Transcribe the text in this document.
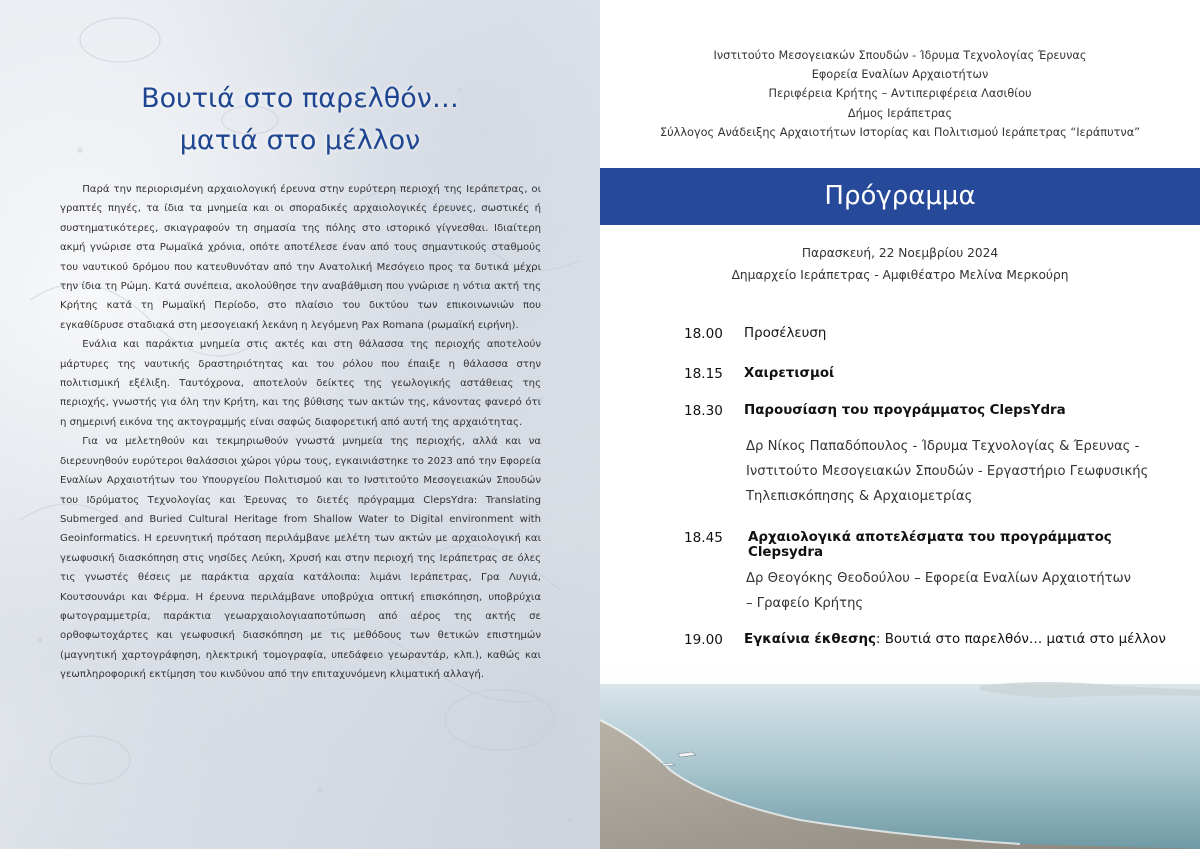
Βουτιά στο παρελθόν…
ματιά στο μέλλον

Παρά την περιορισμένη αρχαιολογική έρευνα στην ευρύτερη περιοχή της Ιεράπετρας, οι γραπτές πηγές, τα ίδια τα μνημεία και οι σποραδικές αρχαιολογικές έρευνες, σωστικές ή συστηματικότερες, σκιαγραφούν τη σημασία της πόλης στο ιστορικό γίγνεσθαι. Ιδιαίτερη ακμή γνώρισε στα Ρωμαϊκά χρόνια, οπότε αποτέλεσε έναν από τους σημαντικούς σταθμούς του ναυτικού δρόμου που κατευθυνόταν από την Ανατολική Μεσόγειο προς τα δυτικά μέχρι την ίδια τη Ρώμη. Κατά συνέπεια, ακολούθησε την αναβάθμιση που γνώρισε η νότια ακτή της Κρήτης κατά τη Ρωμαϊκή Περίοδο, στο πλαίσιο του δικτύου των επικοινωνιών που εγκαθίδρυσε σταδιακά στη μεσογειακή λεκάνη η λεγόμενη Pax Romana (ρωμαϊκή ειρήνη).

Ενάλια και παράκτια μνημεία στις ακτές και στη θάλασσα της περιοχής αποτελούν μάρτυρες της ναυτικής δραστηριότητας και του ρόλου που έπαιξε η θάλασσα στην πολιτισμική εξέλιξη. Ταυτόχρονα, αποτελούν δείκτες της γεωλογικής αστάθειας της περιοχής, γνωστής για όλη την Κρήτη, και της βύθισης των ακτών της, κάνοντας φανερό ότι η σημερινή εικόνα της ακτογραμμής είναι σαφώς διαφορετική από αυτή της αρχαιότητας.

Για να μελετηθούν και τεκμηριωθούν γνωστά μνημεία της περιοχής, αλλά και να διερευνηθούν ευρύτεροι θαλάσσιοι χώροι γύρω τους, εγκαινιάστηκε το 2023 από την Εφορεία Εναλίων Αρχαιοτήτων του Υπουργείου Πολιτισμού και το Ινστιτούτο Μεσογειακών Σπουδών του Ιδρύματος Τεχνολογίας και Έρευνας το διετές πρόγραμμα ClepsYdra: Translating Submerged and Buried Cultural Heritage from Shallow Water to Digital environment with Geoinformatics. Η ερευνητική πρόταση περιλάμβανε μελέτη των ακτών με αρχαιολογική και γεωφυσική διασκόπηση στις νησίδες Λεύκη, Χρυσή και στην περιοχή της Ιεράπετρας σε όλες τις γνωστές θέσεις με παράκτια αρχαία κατάλοιπα: λιμάνι Ιεράπετρας, Γρα Λυγιά, Κουτσουνάρι και Φέρμα. Η έρευνα περιλάμβανε υποβρύχια οπτική επισκόπηση, υποβρύχια φωτογραμμετρία, παράκτια γεωαρχαιολογιααποτύπωση από αέρος της ακτής σε ορθοφωτοχάρτες και γεωφυσική διασκόπηση με τις μεθόδους των θετικών επιστημών (μαγνητική χαρτογράφηση, ηλεκτρική τομογραφία, υπεδάφειο γεωραντάρ, κλπ.), καθώς και γεωπληροφορική εκτίμηση του κινδύνου από την επιταχυνόμενη κλιματική αλλαγή.

Ινστιτούτο Μεσογειακών Σπουδών - Ίδρυμα Τεχνολογίας Έρευνας
Εφορεία Εναλίων Αρχαιοτήτων
Περιφέρεια Κρήτης – Αντιπεριφέρεια Λασιθίου
Δήμος Ιεράπετρας
Σύλλογος Ανάδειξης Αρχαιοτήτων Ιστορίας και Πολιτισμού Ιεράπετρας “Ιεράπυτνα”
Πρόγραμμα
Παρασκευή, 22 Νοεμβρίου 2024
Δημαρχείο Ιεράπετρας - Αμφιθέατρο Μελίνα Μερκούρη
18.00	Προσέλευση
18.15	Χαιρετισμοί
18.30	Παρουσίαση του προγράμματος ClepsYdra
Δρ Νίκος Παπαδόπουλος - Ίδρυμα Τεχνολογίας & Έρευνας -
Ινστιτούτο Μεσογειακών Σπουδών - Εργαστήριο Γεωφυσικής
Τηλεπισκόπησης & Αρχαιομετρίας
18.45	Αρχαιολογικά αποτελέσματα του προγράμματος Clepsydra
Δρ Θεογόκης Θεοδούλου – Εφορεία Εναλίων Αρχαιοτήτων
– Γραφείο Κρήτης
19.00	Εγκαίνια έκθεσης: Βουτιά στο παρελθόν… ματιά στο μέλλον
